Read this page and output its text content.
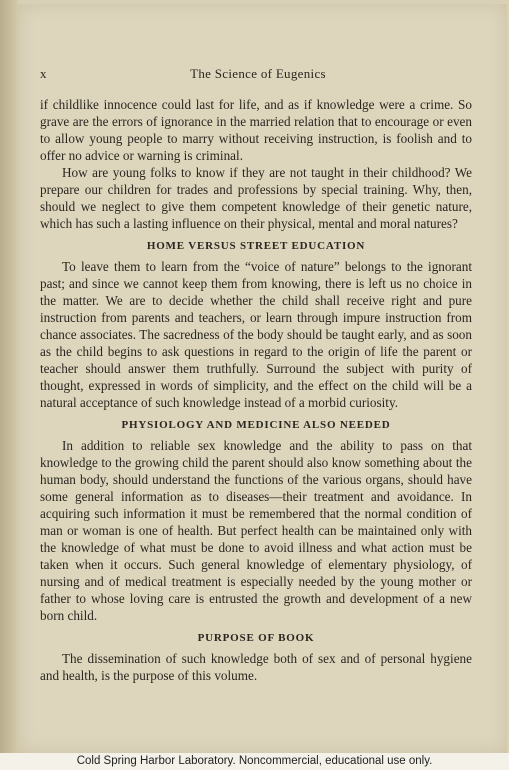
x	The Science of Eugenics

if childlike innocence could last for life, and as if knowledge were a crime. So grave are the errors of ignorance in the married relation that to encourage or even to allow young people to marry without receiving instruction, is foolish and to offer no advice or warning is criminal.

How are young folks to know if they are not taught in their childhood? We prepare our children for trades and professions by special training. Why, then, should we neglect to give them competent knowledge of their genetic nature, which has such a lasting influence on their physical, mental and moral natures?

HOME VERSUS STREET EDUCATION

To leave them to learn from the “voice of nature” belongs to the ignorant past; and since we cannot keep them from knowing, there is left us no choice in the matter. We are to decide whether the child shall receive right and pure instruction from parents and teachers, or learn through impure instruction from chance associates. The sacredness of the body should be taught early, and as soon as the child begins to ask questions in regard to the origin of life the parent or teacher should answer them truthfully. Surround the subject with purity of thought, expressed in words of simplicity, and the effect on the child will be a natural acceptance of such knowledge instead of a morbid curiosity.

PHYSIOLOGY AND MEDICINE ALSO NEEDED

In addition to reliable sex knowledge and the ability to pass on that knowledge to the growing child the parent should also know something about the human body, should understand the functions of the various organs, should have some general information as to diseases—their treatment and avoidance. In acquiring such information it must be remembered that the normal condition of man or woman is one of health. But perfect health can be maintained only with the knowledge of what must be done to avoid illness and what action must be taken when it occurs. Such general knowledge of elementary physiology, of nursing and of medical treatment is especially needed by the young mother or father to whose loving care is entrusted the growth and development of a new born child.

PURPOSE OF BOOK

The dissemination of such knowledge both of sex and of personal hygiene and health, is the purpose of this volume.

Cold Spring Harbor Laboratory. Noncommercial, educational use only.
